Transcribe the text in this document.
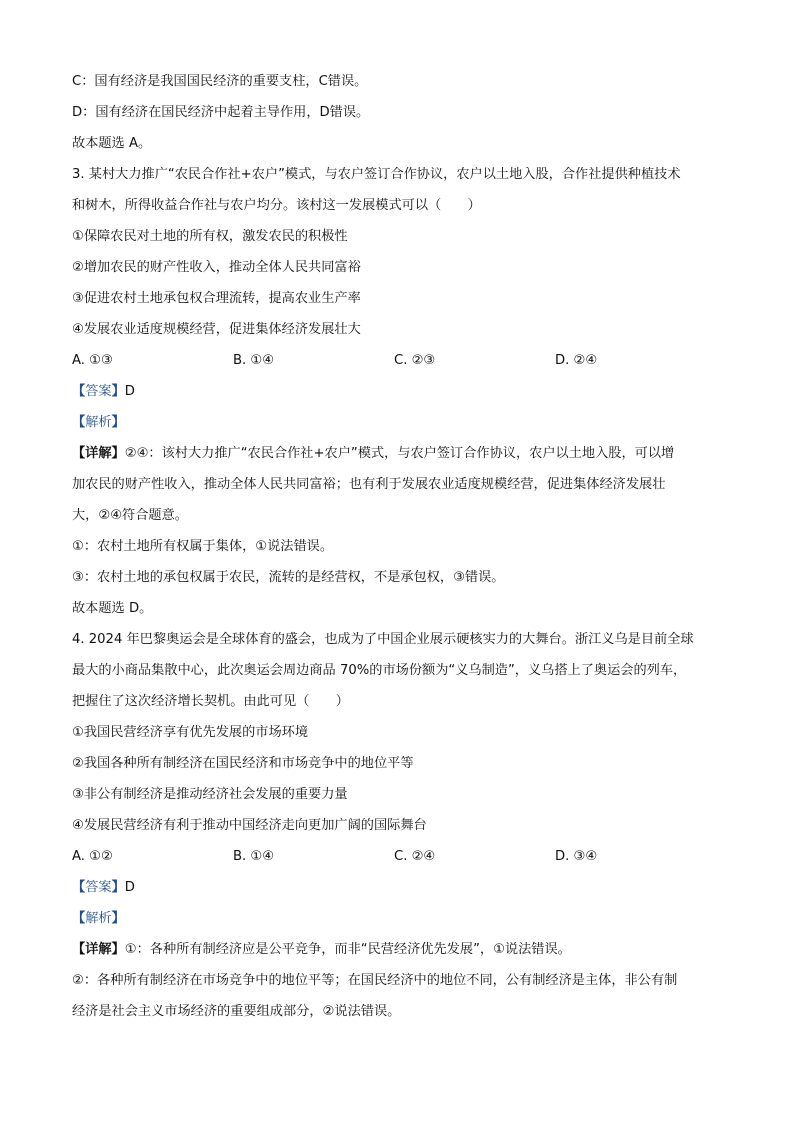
C：国有经济是我国国民经济的重要支柱，C错误。
D：国有经济在国民经济中起着主导作用，D错误。
故本题选 A。
3. 某村大力推广“农民合作社+农户”模式，与农户签订合作协议，农户以土地入股，合作社提供种植技术
和树木，所得收益合作社与农户均分。该村这一发展模式可以（　　）
①保障农民对土地的所有权，激发农民的积极性
②增加农民的财产性收入，推动全体人民共同富裕
③促进农村土地承包权合理流转，提高农业生产率
④发展农业适度规模经营，促进集体经济发展壮大
A. ①③	B. ①④	C. ②③	D. ②④
【答案】D
【解析】
【详解】②④：该村大力推广“农民合作社+农户”模式，与农户签订合作协议，农户以土地入股，可以增
加农民的财产性收入，推动全体人民共同富裕；也有利于发展农业适度规模经营，促进集体经济发展壮
大，②④符合题意。
①：农村土地所有权属于集体，①说法错误。
③：农村土地的承包权属于农民，流转的是经营权，不是承包权，③错误。
故本题选 D。
4. 2024 年巴黎奥运会是全球体育的盛会，也成为了中国企业展示硬核实力的大舞台。浙江义乌是目前全球
最大的小商品集散中心，此次奥运会周边商品 70%的市场份额为“义乌制造”，义乌搭上了奥运会的列车，
把握住了这次经济增长契机。由此可见（　　）
①我国民营经济享有优先发展的市场环境
②我国各种所有制经济在国民经济和市场竞争中的地位平等
③非公有制经济是推动经济社会发展的重要力量
④发展民营经济有利于推动中国经济走向更加广阔的国际舞台
A. ①②	B. ①④	C. ②④	D. ③④
【答案】D
【解析】
【详解】①：各种所有制经济应是公平竞争，而非“民营经济优先发展”，①说法错误。
②：各种所有制经济在市场竞争中的地位平等；在国民经济中的地位不同，公有制经济是主体，非公有制
经济是社会主义市场经济的重要组成部分，②说法错误。
